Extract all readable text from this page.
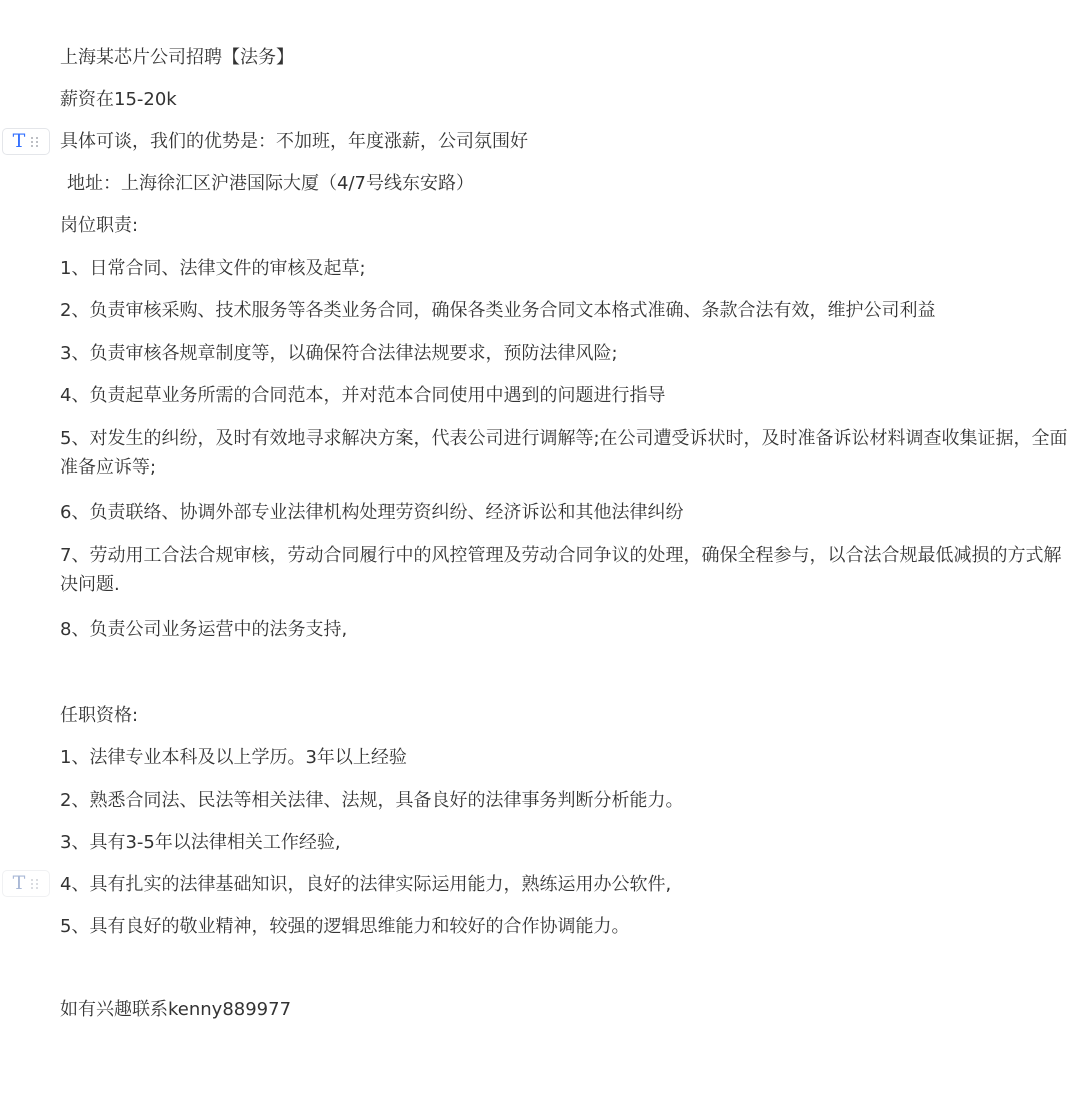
T
T
上海某芯片公司招聘【法务】
薪资在15-20k
具体可谈，我们的优势是：不加班，年度涨薪，公司氛围好
地址：上海徐汇区沪港国际大厦（4/7号线东安路）
岗位职责:
1、日常合同、法律文件的审核及起草;
2、负责审核采购、技术服务等各类业务合同，确保各类业务合同文本格式准确、条款合法有效，维护公司利益
3、负责审核各规章制度等，以确保符合法律法规要求，预防法律风险;
4、负责起草业务所需的合同范本，并对范本合同使用中遇到的问题进行指导
5、对发生的纠纷，及时有效地寻求解决方案，代表公司进行调解等;在公司遭受诉状时，及时准备诉讼材料调查收集证据，全面准备应诉等;
6、负责联络、协调外部专业法律机构处理劳资纠纷、经济诉讼和其他法律纠纷
7、劳动用工合法合规审核，劳动合同履行中的风控管理及劳动合同争议的处理，确保全程参与，以合法合规最低减损的方式解决问题.
8、负责公司业务运营中的法务支持,
任职资格:
1、法律专业本科及以上学历。3年以上经验
2、熟悉合同法、民法等相关法律、法规，具备良好的法律事务判断分析能力。
3、具有3-5年以法律相关工作经验,
4、具有扎实的法律基础知识，良好的法律实际运用能力，熟练运用办公软件,
5、具有良好的敬业精神，较强的逻辑思维能力和较好的合作协调能力。
如有兴趣联系kenny889977
